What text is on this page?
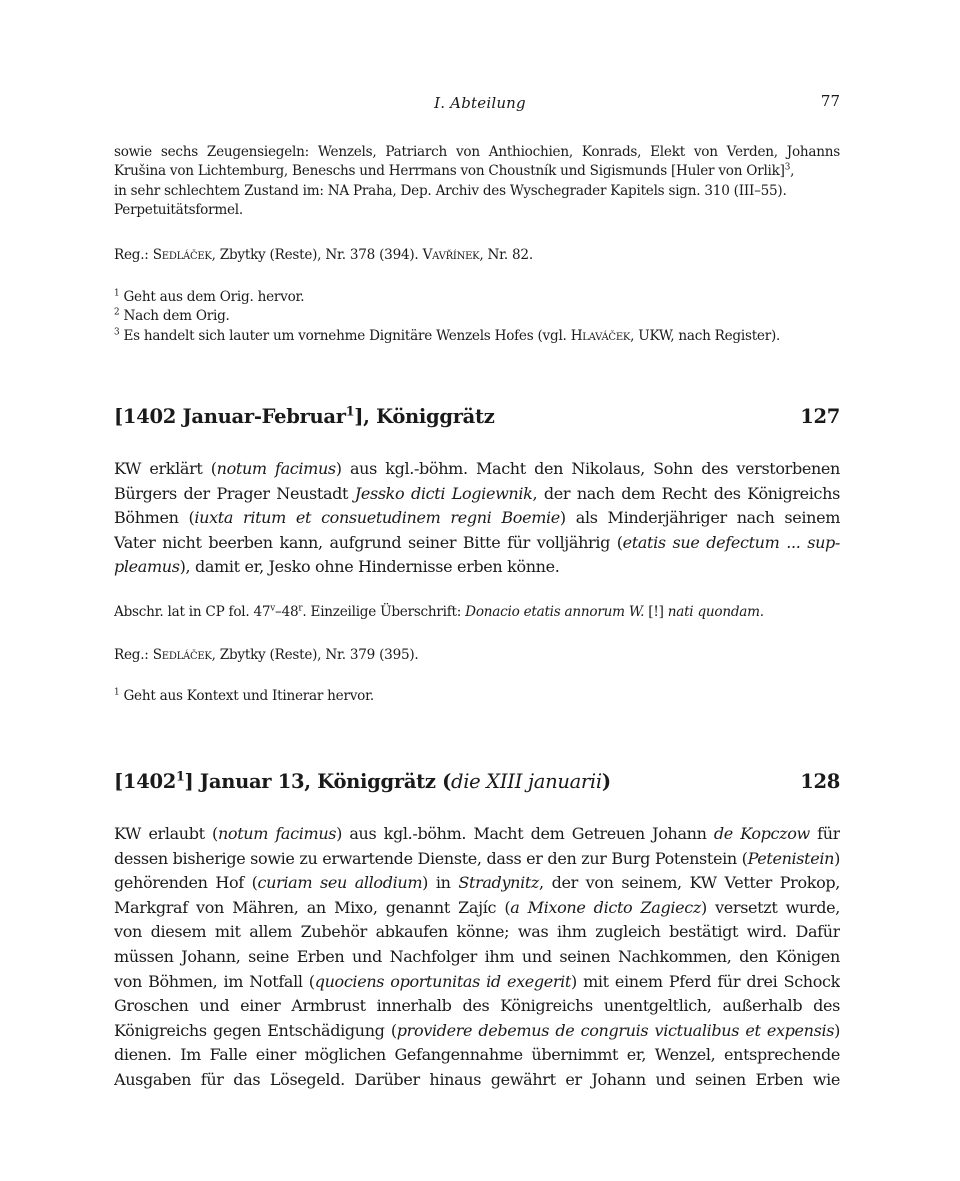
I. Abteilung	77
sowie sechs Zeugensiegeln: Wenzels, Patriarch von Anthiochien, Konrads, Elekt von Verden, Johanns
Krušina von Lichtemburg, Beneschs und Herrmans von Choustník und Sigismunds [Huler von Orlik]$^3$,
in sehr schlechtem Zustand im: NA Praha, Dep. Archiv des Wyschegrader Kapitels sign. 310 (III–55).
Perpetuitätsformel.
Reg.: Sedláček, Zbytky (Reste), Nr. 378 (394). Vavřínek, Nr. 82.
$^1$ Geht aus dem Orig. hervor.
$^2$ Nach dem Orig.
$^3$ Es handelt sich lauter um vornehme Dignitäre Wenzels Hofes (vgl. Hlaváček, UKW, nach Register).
[1402 Januar-Februar$^1$], Königgrätz	127
KW erklärt (notum facimus) aus kgl.-böhm. Macht den Nikolaus, Sohn des verstorbenen
Bürgers der Prager Neustadt Jessko dicti Logiewnik, der nach dem Recht des Königreichs
Böhmen (iuxta ritum et consuetudinem regni Boemie) als Minderjähriger nach seinem
Vater nicht beerben kann, aufgrund seiner Bitte für volljährig (etatis sue defectum ... sup-
pleamus), damit er, Jesko ohne Hindernisse erben könne.
Abschr. lat in CP fol. 47$^v$–48$^r$. Einzeilige Überschrift: Donacio etatis annorum W. [!] nati quondam.
Reg.: Sedláček, Zbytky (Reste), Nr. 379 (395).
$^1$ Geht aus Kontext und Itinerar hervor.
[1402$^1$] Januar 13, Königgrätz (die XIII januarii)	128
KW erlaubt (notum facimus) aus kgl.-böhm. Macht dem Getreuen Johann de Kopczow für
dessen bisherige sowie zu erwartende Dienste, dass er den zur Burg Potenstein (Petenistein)
gehörenden Hof (curiam seu allodium) in Stradynitz, der von seinem, KW Vetter Prokop,
Markgraf von Mähren, an Mixo, genannt Zajíc (a Mixone dicto Zagiecz) versetzt wurde,
von diesem mit allem Zubehör abkaufen könne; was ihm zugleich bestätigt wird. Dafür
müssen Johann, seine Erben und Nachfolger ihm und seinen Nachkommen, den Königen
von Böhmen, im Notfall (quociens oportunitas id exegerit) mit einem Pferd für drei Schock
Groschen und einer Armbrust innerhalb des Königreichs unentgeltlich, außerhalb des
Königreichs gegen Entschädigung (providere debemus de congruis victualibus et expensis)
dienen. Im Falle einer möglichen Gefangennahme übernimmt er, Wenzel, entsprechende
Ausgaben für das Lösegeld. Darüber hinaus gewährt er Johann und seinen Erben wie
